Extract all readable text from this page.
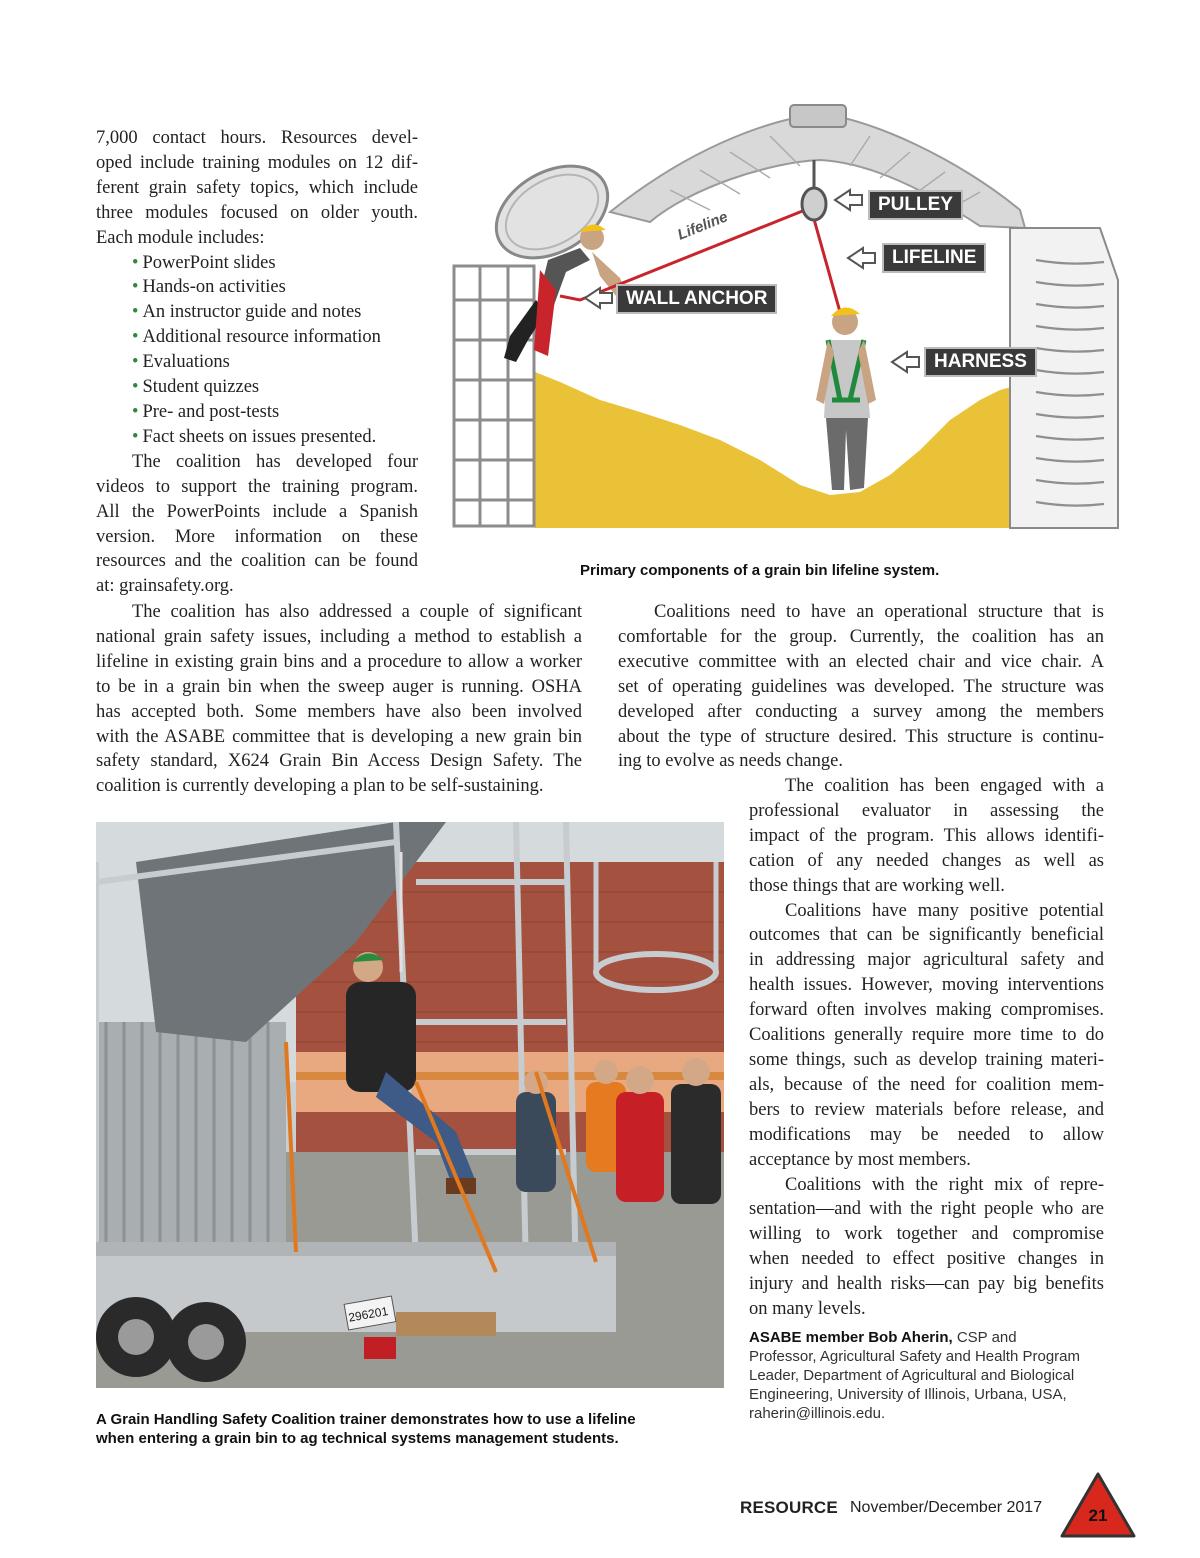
7,000 contact hours. Resources devel-
oped include training modules on 12 dif-
ferent grain safety topics, which include
three modules focused on older youth.
Each module includes:
• PowerPoint slides
• Hands-on activities
• An instructor guide and notes
• Additional resource information
• Evaluations
• Student quizzes
• Pre- and post-tests
• Fact sheets on issues presented.
The coalition has developed four
videos to support the training program.
All the PowerPoints include a Spanish
version. More information on these
resources and the coalition can be found
at: grainsafety.org.
The coalition has also addressed a couple of significant
national grain safety issues, including a method to establish a
lifeline in existing grain bins and a procedure to allow a worker
to be in a grain bin when the sweep auger is running. OSHA
has accepted both. Some members have also been involved
with the ASABE committee that is developing a new grain bin
safety standard, X624 Grain Bin Access Design Safety. The
coalition is currently developing a plan to be self-sustaining.
Lifeline
PULLEY
LIFELINE
WALL ANCHOR
HARNESS
Primary components of a grain bin lifeline system.
Coalitions need to have an operational structure that is
comfortable for the group. Currently, the coalition has an
executive committee with an elected chair and vice chair. A
set of operating guidelines was developed. The structure was
developed after conducting a survey among the members
about the type of structure desired. This structure is continu-
ing to evolve as needs change.
The coalition has been engaged with a
professional evaluator in assessing the
impact of the program. This allows identifi-
cation of any needed changes as well as
those things that are working well.
Coalitions have many positive potential
outcomes that can be significantly beneficial
in addressing major agricultural safety and
health issues. However, moving interventions
forward often involves making compromises.
Coalitions generally require more time to do
some things, such as develop training materi-
als, because of the need for coalition mem-
bers to review materials before release, and
modifications may be needed to allow
acceptance by most members.
Coalitions with the right mix of repre-
sentation—and with the right people who are
willing to work together and compromise
when needed to effect positive changes in
injury and health risks—can pay big benefits
on many levels.
ASABE member Bob Aherin, CSP and
Professor, Agricultural Safety and Health Program
Leader, Department of Agricultural and Biological
Engineering, University of Illinois, Urbana, USA,
raherin@illinois.edu.
296201
A Grain Handling Safety Coalition trainer demonstrates how to use a lifeline
when entering a grain bin to ag technical systems management students.
RESOURCE November/December 2017	21
